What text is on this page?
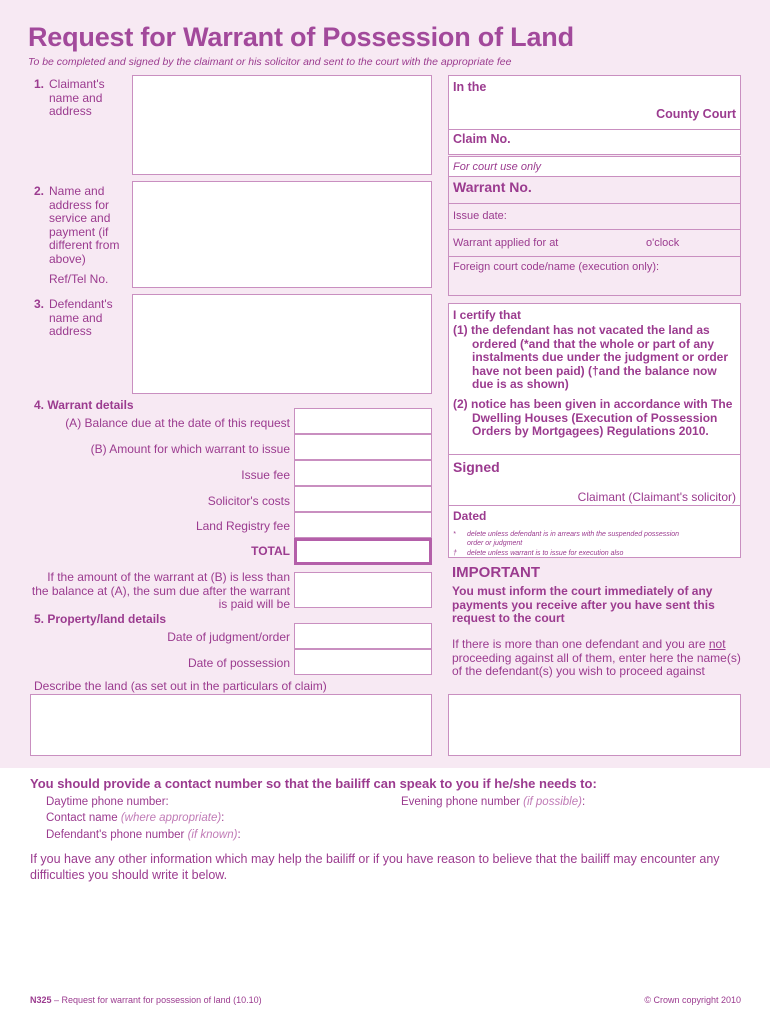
Request for Warrant of Possession of Land
To be completed and signed by the claimant or his solicitor and sent to the court with the appropriate fee
1. Claimant's name and address
2. Name and address for service and payment (if different from above)
Ref/Tel No.
3. Defendant's name and address
4. Warrant details
(A) Balance due at the date of this request
(B) Amount for which warrant to issue
Issue fee
Solicitor's costs
Land Registry fee
TOTAL
If the amount of the warrant at (B) is less than the balance at (A), the sum due after the warrant is paid will be
5. Property/land details
Date of judgment/order
Date of possession
Describe the land (as set out in the particulars of claim)
In the
County Court
Claim No.
For court use only
Warrant No.
Issue date:
Warrant applied for at	o'clock
Foreign court code/name (execution only):
I certify that
(1) the defendant has not vacated the land as ordered (*and that the whole or part of any instalments due under the judgment or order have not been paid) (†and the balance now due is as shown)
(2) notice has been given in accordance with The Dwelling Houses (Execution of Possession Orders by Mortgagees) Regulations 2010.
Signed
Claimant (Claimant's solicitor)
Dated
* delete unless defendant is in arrears with the suspended possession order or judgment
† delete unless warrant is to issue for execution also
IMPORTANT
You must inform the court immediately of any payments you receive after you have sent this request to the court
If there is more than one defendant and you are not proceeding against all of them, enter here the name(s) of the defendant(s) you wish to proceed against
You should provide a contact number so that the bailiff can speak to you if he/she needs to:
Daytime phone number:	Evening phone number (if possible):
Contact name (where appropriate):
Defendant's phone number (if known):
If you have any other information which may help the bailiff or if you have reason to believe that the bailiff may encounter any difficulties you should write it below.
N325 – Request for warrant for possession of land (10.10)	© Crown copyright 2010
